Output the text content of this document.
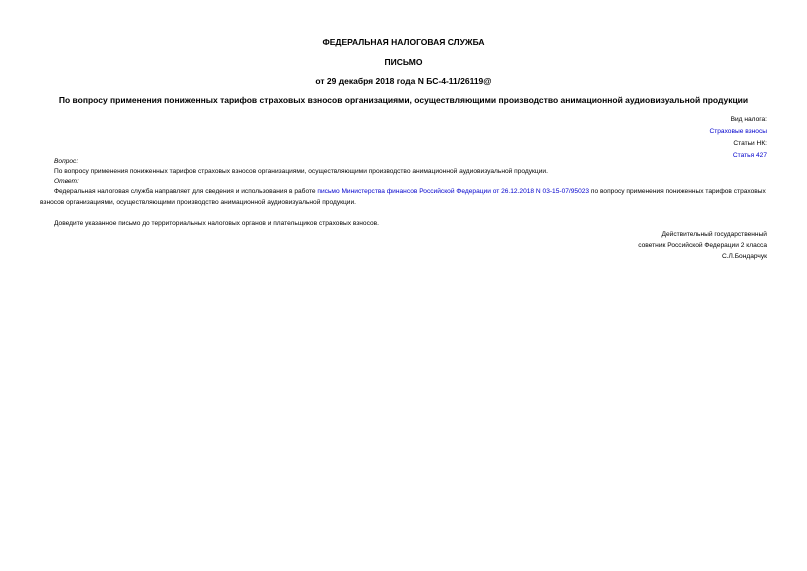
ФЕДЕРАЛЬНАЯ НАЛОГОВАЯ СЛУЖБА
ПИСЬМО
от 29 декабря 2018 года N БС-4-11/26119@
По вопросу применения пониженных тарифов страховых взносов организациями, осуществляющими производство анимационной аудиовизуальной продукции
Вид налога:
Страховые взносы
Статьи НК:
Статья 427
Вопрос:
По вопросу применения пониженных тарифов страховых взносов организациями, осуществляющими производство анимационной аудиовизуальной продукции.
Ответ:
Федеральная налоговая служба направляет для сведения и использования в работе письмо Министерства финансов Российской Федерации от 26.12.2018 N 03-15-07/95023 по вопросу применения пониженных тарифов страховых взносов организациями, осуществляющими производство анимационной аудиовизуальной продукции.
Доведите указанное письмо до территориальных налоговых органов и плательщиков страховых взносов.
Действительный государственный
советник Российской Федерации 2 класса
С.Л.Бондарчук
